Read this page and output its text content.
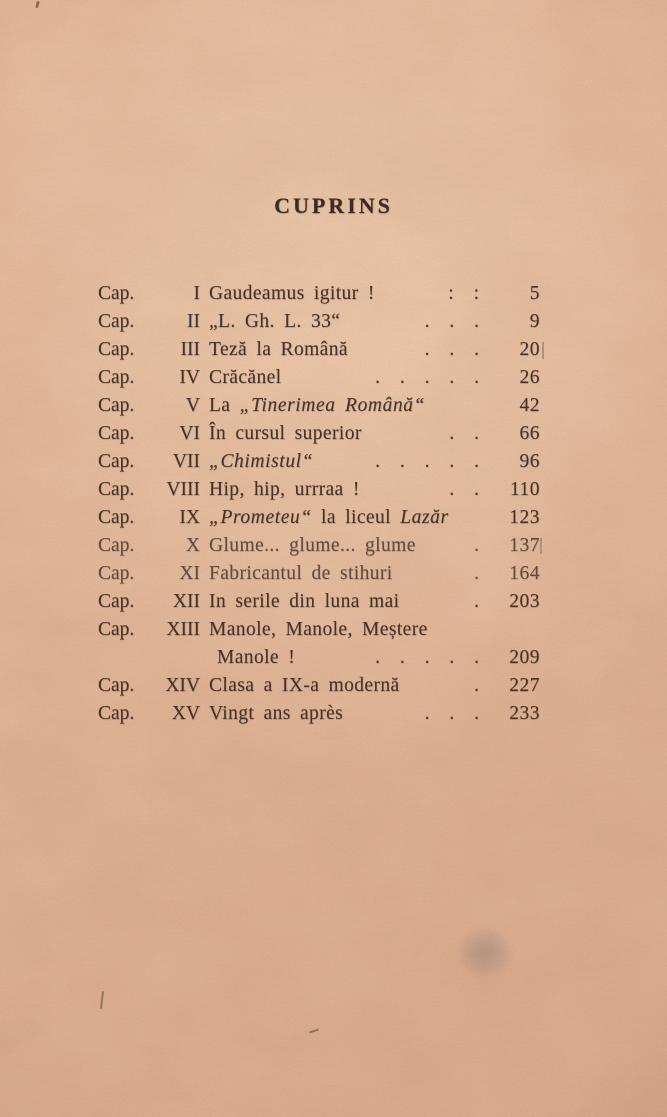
CUPRINS
Cap.	I Gaudeamus igitur !	: :	5
Cap.	II „L. Gh. L. 33“	. . .	9
Cap.	III Teză la Română	. . .	20
Cap.	IV Crăcănel	. . . . .	26
Cap.	V La „Tinerimea Română“	42
Cap.	VI În cursul superior	. .	66
Cap.	VII „Chimistul“	. . . . .	96
Cap.	VIII Hip, hip, urrraa !	. .	110
Cap.	IX „Prometeu“ la liceul Lazăr	123
Cap.	X Glume... glume... glume	.	137
Cap.	XI Fabricantul de stihuri	.	164
Cap.	XII In serile din luna mai	.	203
Cap.	XIII Manole, Manole, Meștere
Manole !	. . . . .	209
Cap.	XIV Clasa a IX-a modernă	.	227
Cap.	XV Vingt ans après	. . .	233
